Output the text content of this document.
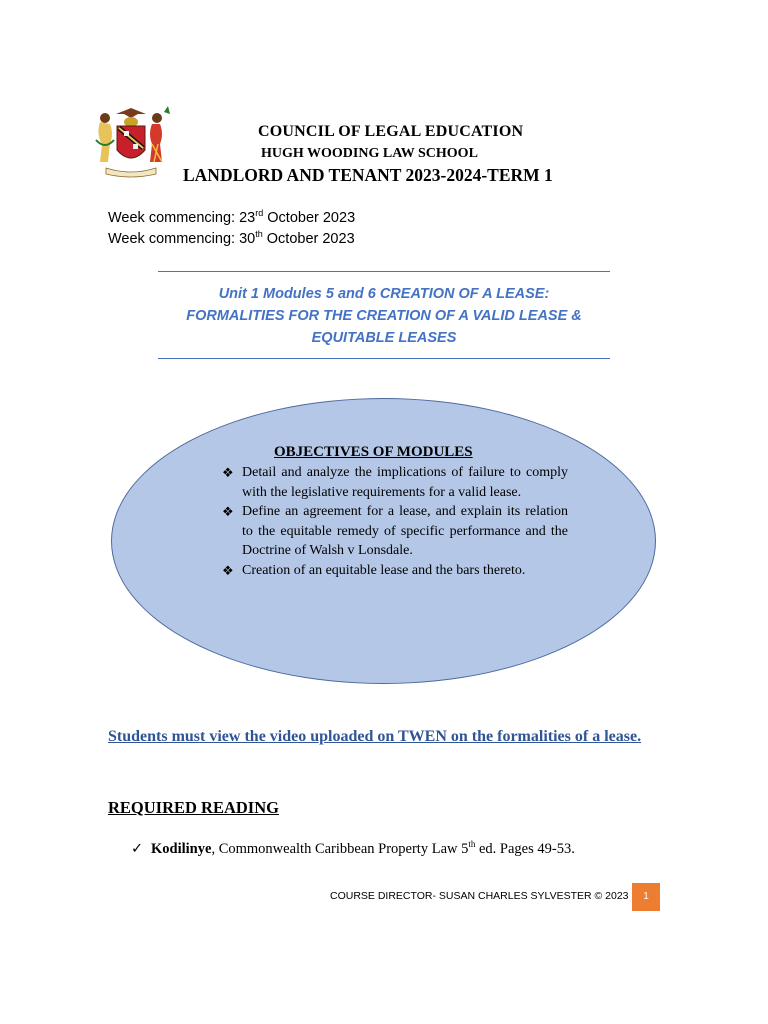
COUNCIL OF LEGAL EDUCATION
HUGH WOODING LAW SCHOOL
LANDLORD AND TENANT 2023-2024-TERM 1
Week commencing: 23rd October 2023
Week commencing: 30th October 2023
Unit 1 Modules 5 and 6 CREATION OF A LEASE:
FORMALITIES FOR THE CREATION OF A VALID LEASE &
EQUITABLE LEASES
OBJECTIVES OF MODULES
❖ Detail and analyze the implications of failure to comply with the legislative requirements for a valid lease.
❖ Define an agreement for a lease, and explain its relation to the equitable remedy of specific performance and the Doctrine of Walsh v Lonsdale.
❖ Creation of an equitable lease and the bars thereto.
Students must view the video uploaded on TWEN on the formalities of a lease.
REQUIRED READING
✓ Kodilinye, Commonwealth Caribbean Property Law 5th ed. Pages 49-53.
COURSE DIRECTOR- SUSAN CHARLES SYLVESTER © 2023	1
